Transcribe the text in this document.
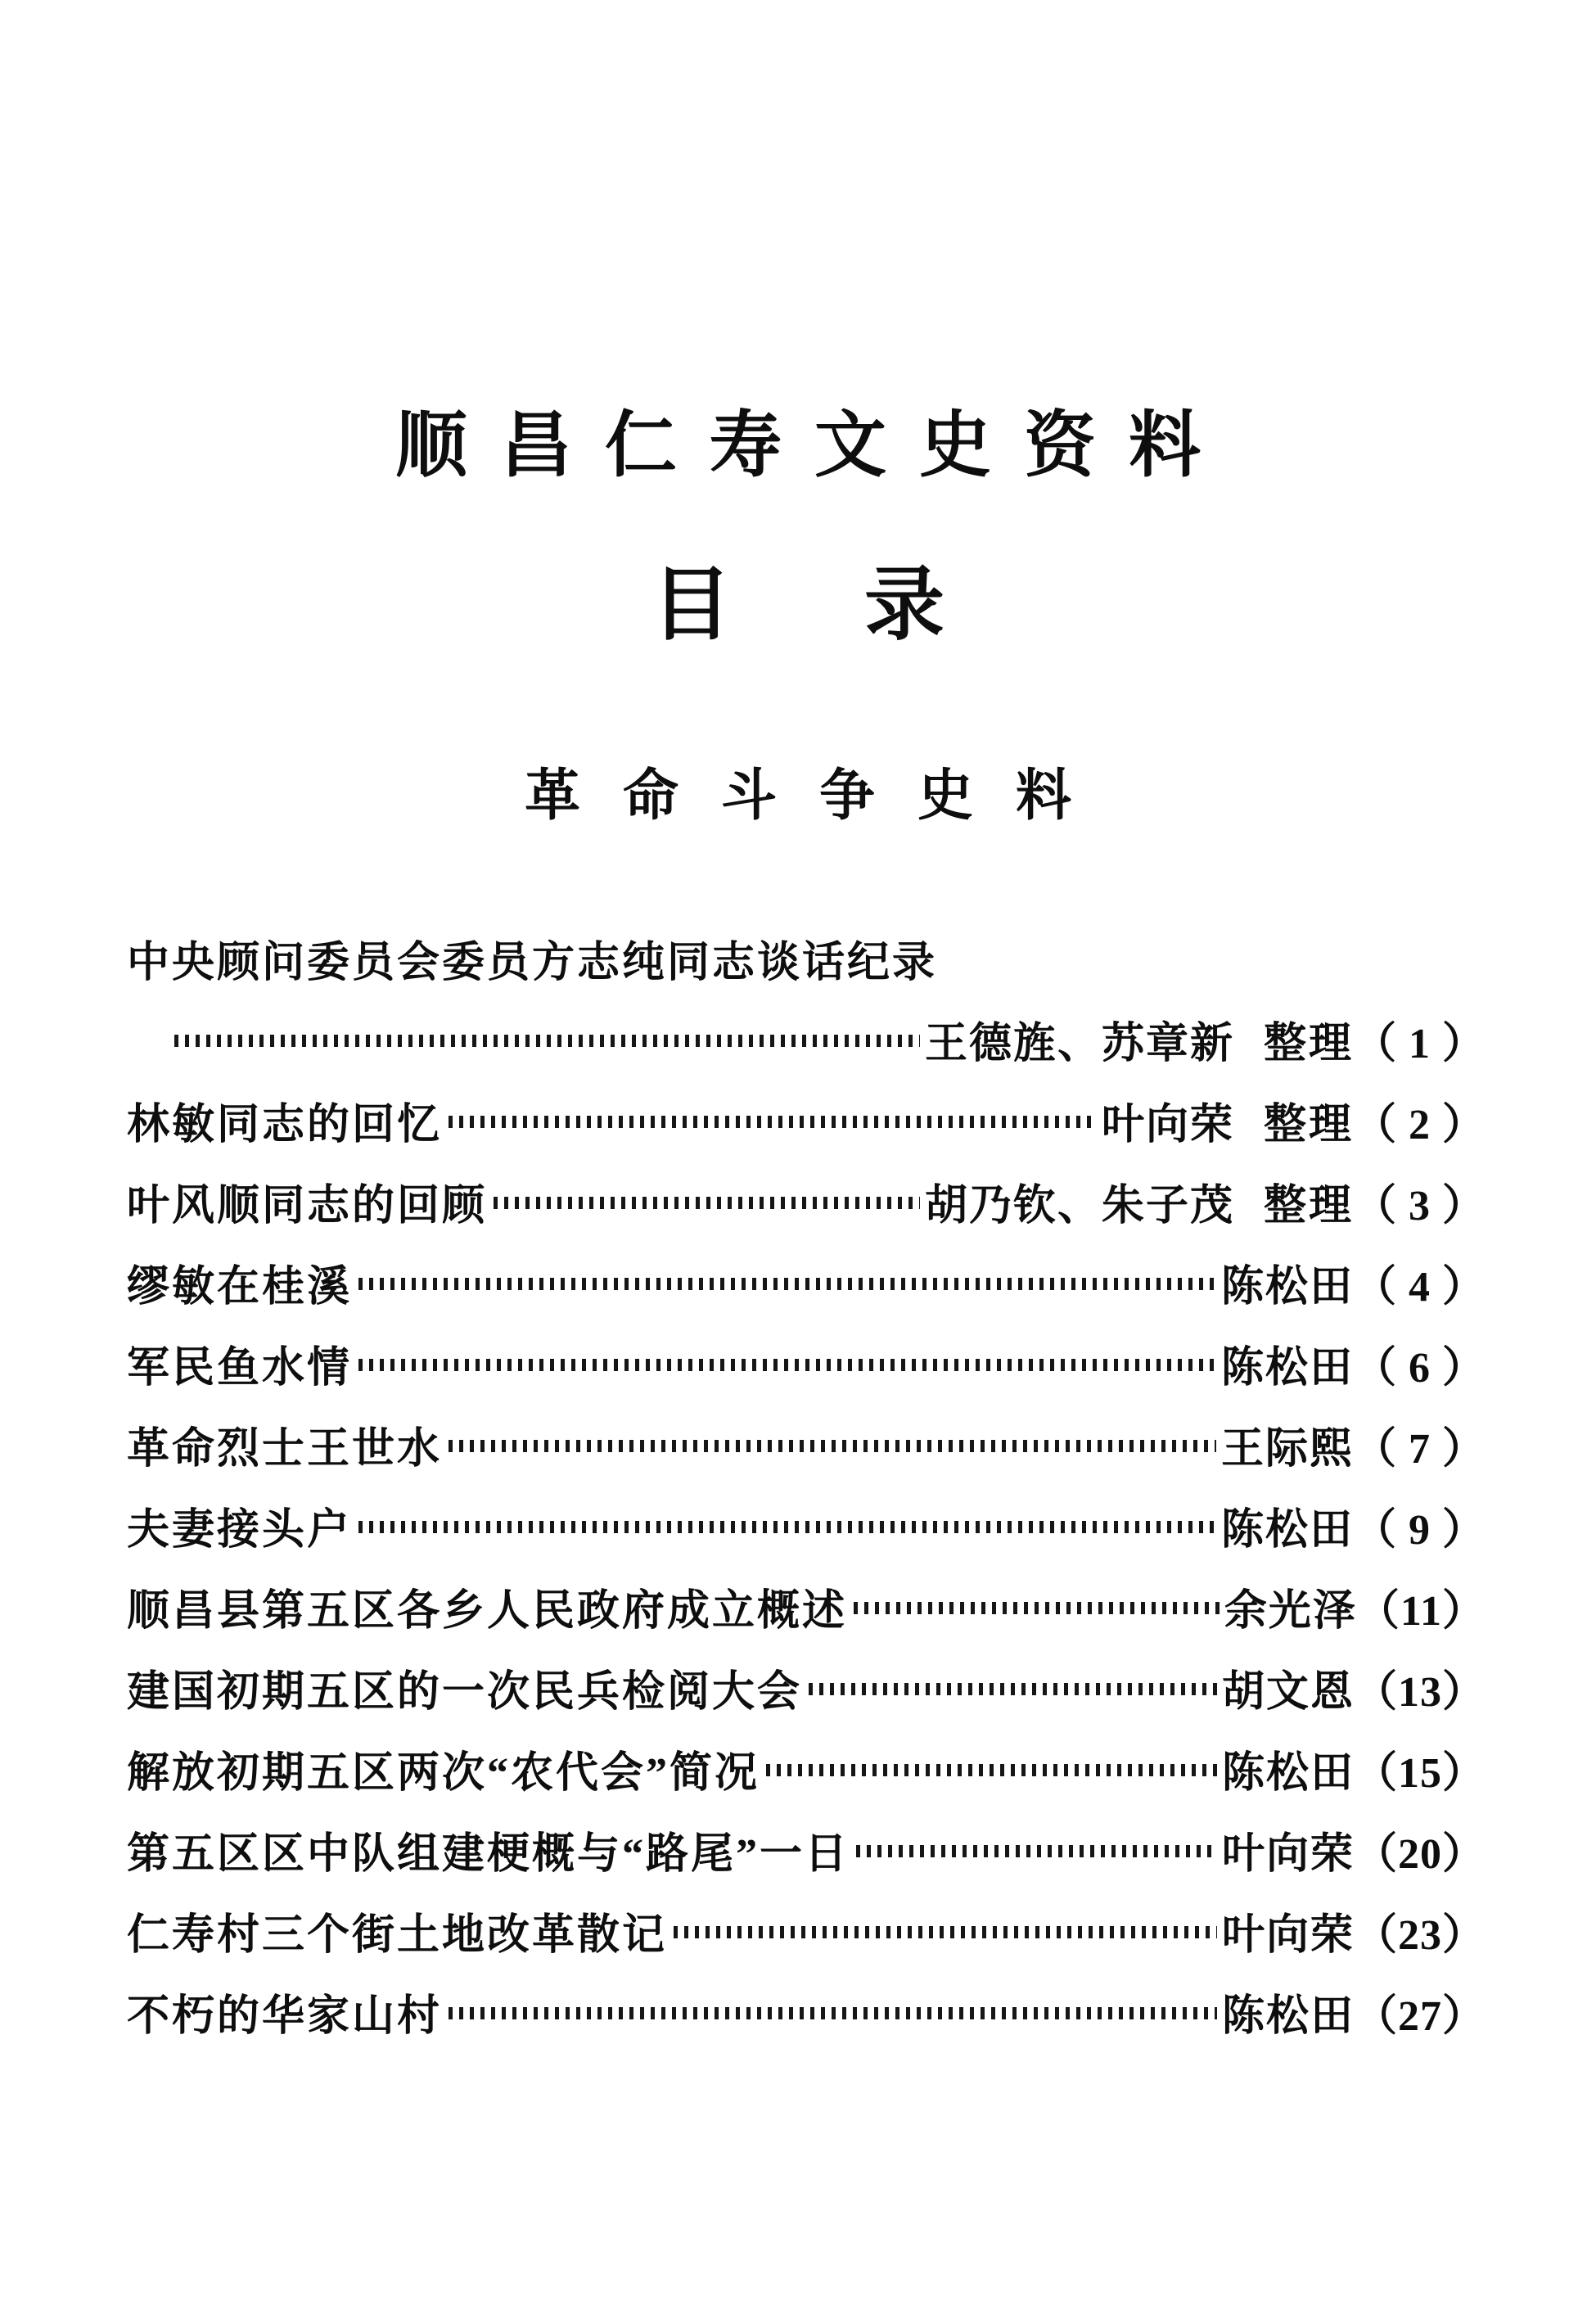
顺昌仁寿文史资料
目录
革命斗争史料
中央顾问委员会委员方志纯同志谈话纪录
王德旌、苏章新 整理 （ 1 ）
林敏同志的回忆	叶向荣 整理 （ 2 ）
叶风顺同志的回顾	胡乃钦、朱子茂 整理 （ 3 ）
缪敏在桂溪	陈松田 （ 4 ）
军民鱼水情	陈松田 （ 6 ）
革命烈士王世水	王际熙 （ 7 ）
夫妻接头户	陈松田 （ 9 ）
顺昌县第五区各乡人民政府成立概述	余光泽 （11）
建国初期五区的一次民兵检阅大会	胡文恩 （13）
解放初期五区两次“农代会”简况	陈松田 （15）
第五区区中队组建梗概与“路尾”一日	叶向荣 （20）
仁寿村三个街土地改革散记	叶向荣 （23）
不朽的华家山村	陈松田 （27）
